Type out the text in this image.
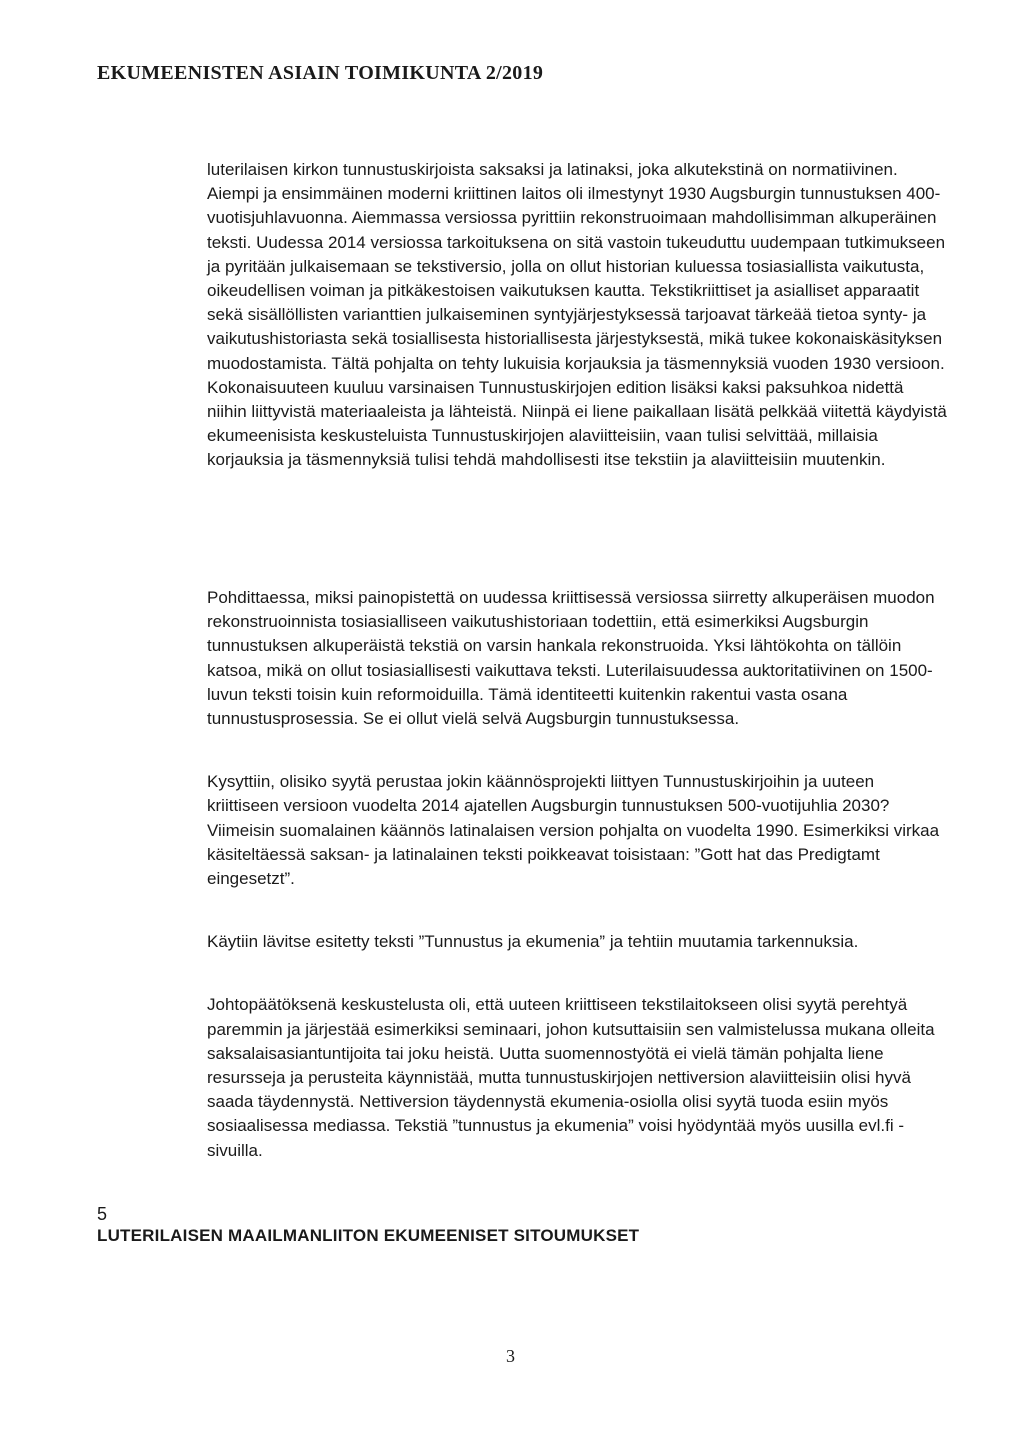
EKUMEENISTEN ASIAIN TOIMIKUNTA 2/2019

luterilaisen kirkon tunnustuskirjoista saksaksi ja latinaksi, joka alkutekstinä on normatiivinen. Aiempi ja ensimmäinen moderni kriittinen laitos oli ilmestynyt 1930 Augsburgin tunnustuksen 400-vuotisjuhlavuonna. Aiemmassa versiossa pyrittiin rekonstruoimaan mahdollisimman alkuperäinen teksti. Uudessa 2014 versiossa tarkoituksena on sitä vastoin tukeuduttu uudempaan tutkimukseen ja pyritään julkaisemaan se tekstiversio, jolla on ollut historian kuluessa tosiasiallista vaikutusta, oikeudellisen voiman ja pitkäkestoisen vaikutuksen kautta. Tekstikriittiset ja asialliset apparaatit sekä sisällöllisten varianttien julkaiseminen syntyjärjestyksessä tarjoavat tärkeää tietoa synty- ja vaikutushistoriasta sekä tosiallisesta historiallisesta järjestyksestä, mikä tukee kokonaiskäsityksen muodostamista. Tältä pohjalta on tehty lukuisia korjauksia ja täsmennyksiä vuoden 1930 versioon. Kokonaisuuteen kuuluu varsinaisen Tunnustuskirjojen edition lisäksi kaksi paksuhkoa nidettä niihin liittyvistä materiaaleista ja lähteistä. Niinpä ei liene paikallaan lisätä pelkkää viitettä käydyistä ekumeenisista keskusteluista Tunnustuskirjojen alaviitteisiin, vaan tulisi selvittää, millaisia korjauksia ja täsmennyksiä tulisi tehdä mahdollisesti itse tekstiin ja alaviitteisiin muutenkin.

Pohdittaessa, miksi painopistettä on uudessa kriittisessä versiossa siirretty alkuperäisen muodon rekonstruoinnista tosiasialliseen vaikutushistoriaan todettiin, että esimerkiksi Augsburgin tunnustuksen alkuperäistä tekstiä on varsin hankala rekonstruoida. Yksi lähtökohta on tällöin katsoa, mikä on ollut tosiasiallisesti vaikuttava teksti. Luterilaisuudessa auktoritatiivinen on 1500-luvun teksti toisin kuin reformoiduilla. Tämä identiteetti kuitenkin rakentui vasta osana tunnustusprosessia. Se ei ollut vielä selvä Augsburgin tunnustuksessa.

Kysyttiin, olisiko syytä perustaa jokin käännösprojekti liittyen Tunnustuskirjoihin ja uuteen kriittiseen versioon vuodelta 2014 ajatellen Augsburgin tunnustuksen 500-vuotijuhlia 2030? Viimeisin suomalainen käännös latinalaisen version pohjalta on vuodelta 1990. Esimerkiksi virkaa käsiteltäessä saksan- ja latinalainen teksti poikkeavat toisistaan: ”Gott hat das Predigtamt eingesetzt”.

Käytiin lävitse esitetty teksti ”Tunnustus ja ekumenia” ja tehtiin muutamia tarkennuksia.

Johtopäätöksenä keskustelusta oli, että uuteen kriittiseen tekstilaitokseen olisi syytä perehtyä paremmin ja järjestää esimerkiksi seminaari, johon kutsuttaisiin sen valmistelussa mukana olleita saksalaisasiantuntijoita tai joku heistä. Uutta suomennostyötä ei vielä tämän pohjalta liene resursseja ja perusteita käynnistää, mutta tunnustuskirjojen nettiversion alaviitteisiin olisi hyvä saada täydennystä. Nettiversion täydennystä ekumenia-osiolla olisi syytä tuoda esiin myös sosiaalisessa mediassa. Tekstiä ”tunnustus ja ekumenia” voisi hyödyntää myös uusilla evl.fi -sivuilla.

5
LUTERILAISEN MAAILMANLIITON EKUMEENISET SITOUMUKSET
3
